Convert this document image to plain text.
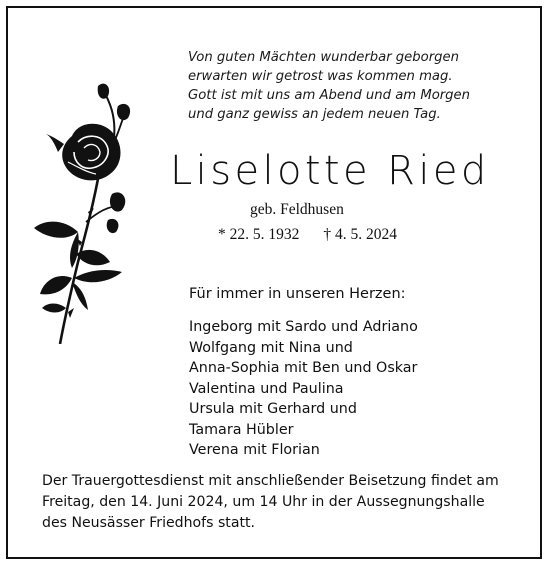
Von guten Mächten wunderbar geborgen
erwarten wir getrost was kommen mag.
Gott ist mit uns am Abend und am Morgen
und ganz gewiss an jedem neuen Tag.
Liselotte Ried
geb. Feldhusen
* 22. 5. 1932 † 4. 5. 2024
Für immer in unseren Herzen:
Ingeborg mit Sardo und Adriano
Wolfgang mit Nina und
Anna-Sophia mit Ben und Oskar
Valentina und Paulina
Ursula mit Gerhard und
Tamara Hübler
Verena mit Florian
Der Trauergottesdienst mit anschließender Beisetzung findet am
Freitag, den 14. Juni 2024, um 14 Uhr in der Aussegnungshalle
des Neusässer Friedhofs statt.
